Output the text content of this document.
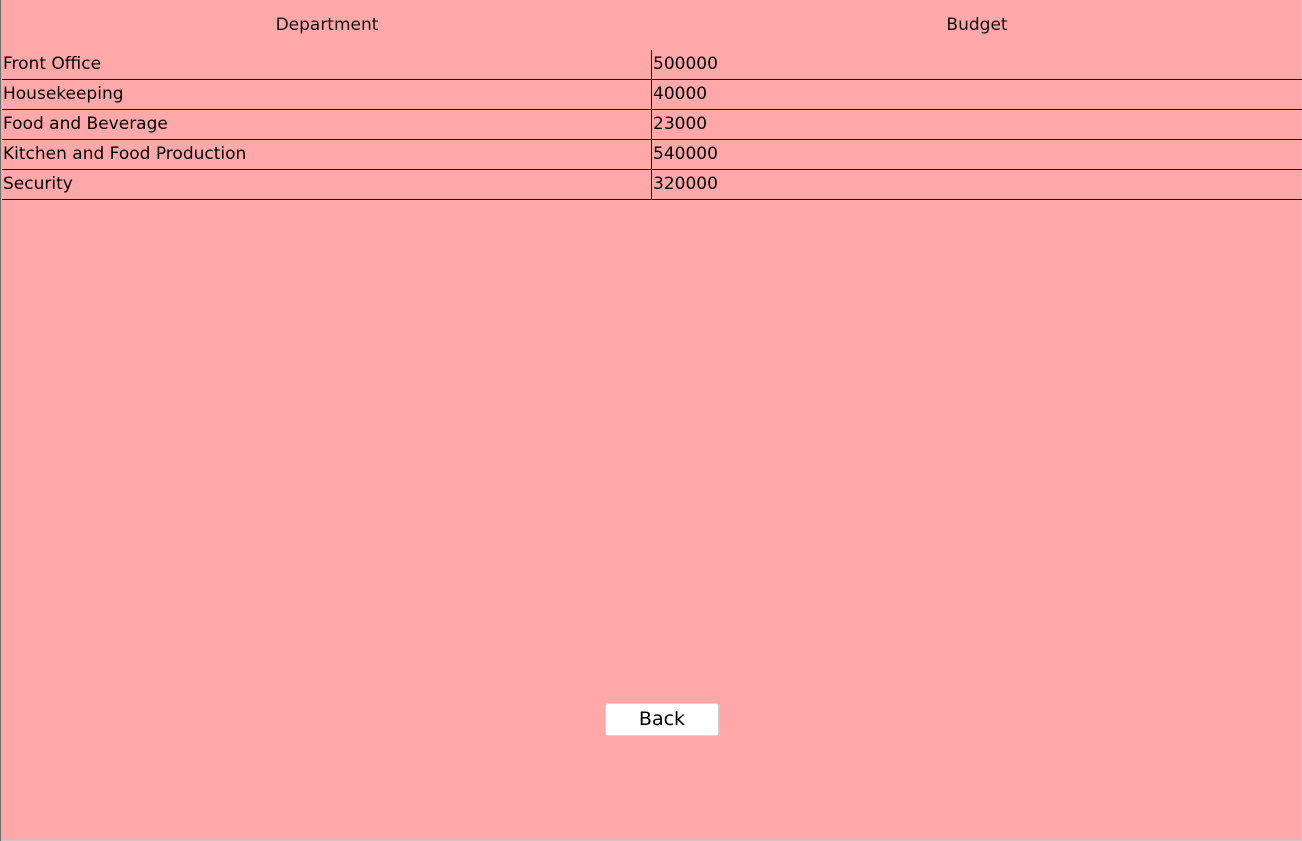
Department	Budget
Front Office	500000
Housekeeping	40000
Food and Beverage	23000
Kitchen and Food Production	540000
Security	320000
Back
